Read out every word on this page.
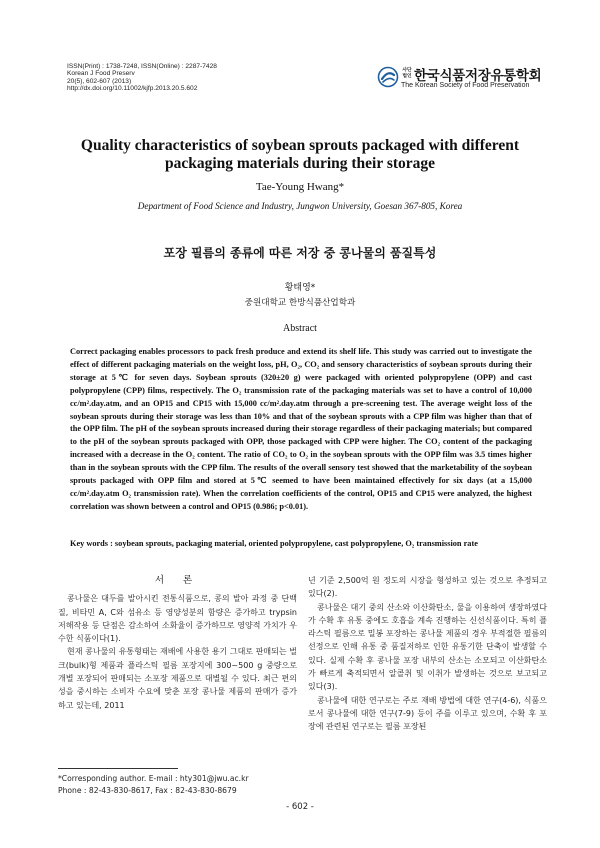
ISSN(Print) : 1738-7248, ISSN(Online) : 2287-7428
Korean J Food Preserv
20(5), 602-607 (2013)
http://dx.doi.org/10.11002/kjfp.2013.20.5.602
사단
법인 한국식품저장유통학회
The Korean Society of Food Preservation
Quality characteristics of soybean sprouts packaged with different
packaging materials during their storage
Tae-Young Hwang*
Department of Food Science and Industry, Jungwon University, Goesan 367-805, Korea
포장 필름의 종류에 따른 저장 중 콩나물의 품질특성
황태영*
중원대학교 한방식품산업학과
Abstract

Correct packaging enables processors to pack fresh produce and extend its shelf life. This study was carried out to investigate the effect of different packaging materials on the weight loss, pH, O₂, CO₂ and sensory characteristics of soybean sprouts during their storage at 5℃ for seven days. Soybean sprouts (320±20 g) were packaged with oriented polypropylene (OPP) and cast polypropylene (CPP) films, respectively. The O₂ transmission rate of the packaging materials was set to have a control of 10,000 cc/m².day.atm, and an OP15 and CP15 with 15,000 cc/m².day.atm through a pre-screening test. The average weight loss of the soybean sprouts during their storage was less than 10% and that of the soybean sprouts with a CPP film was higher than that of the OPP film. The pH of the soybean sprouts increased during their storage regardless of their packaging materials; but compared to the pH of the soybean sprouts packaged with OPP, those packaged with CPP were higher. The CO₂ content of the packaging increased with a decrease in the O₂ content. The ratio of CO₂ to O₂ in the soybean sprouts with the OPP film was 3.5 times higher than in the soybean sprouts with the CPP film. The results of the overall sensory test showed that the marketability of the soybean sprouts packaged with OPP film and stored at 5℃ seemed to have been maintained effectively for six days (at a 15,000 cc/m².day.atm O₂ transmission rate). When the correlation coefficients of the control, OP15 and CP15 were analyzed, the highest correlation was shown between a control and OP15 (0.986; p<0.01).

Key words : soybean sprouts, packaging material, oriented polypropylene, cast polypropylene, O₂ transmission rate
서 론

콩나물은 대두를 발아시킨 전통식품으로, 콩의 발아 과정 중 단백질, 비타민 A, C와 섬유소 등 영양성분의 함량은 증가하고 trypsin 저해작용 등 단점은 감소하여 소화율이 증가하므로 영양적 가치가 우수한 식품이다(1).

현재 콩나물의 유통형태는 재배에 사용한 용기 그대로 판매되는 벌크(bulk)형 제품과 플라스틱 필름 포장지에 300~500 g 중량으로 개별 포장되어 판매되는 소포장 제품으로 대별될 수 있다. 최근 편의성을 중시하는 소비자 수요에 맞춘 포장 콩나물 제품의 판매가 증가하고 있는데, 2011

년 기준 2,500억 원 정도의 시장을 형성하고 있는 것으로 추정되고 있다(2).

콩나물은 대기 중의 산소와 이산화탄소, 물을 이용하여 생장하였다가 수확 후 유통 중에도 호흡을 계속 진행하는 신선식품이다. 특히 플라스틱 필름으로 밀봉 포장하는 콩나물 제품의 경우 부적절한 필름의 선정으로 인해 유통 중 품질저하로 인한 유통기한 단축이 발생할 수 있다. 실제 수확 후 콩나물 포장 내부의 산소는 소모되고 이산화탄소가 빠르게 축적되면서 알콜취 및 이취가 발생하는 것으로 보고되고 있다(3).

콩나물에 대한 연구로는 주로 재배 방법에 대한 연구(4-6), 식품으로서 콩나물에 대한 연구(7-9) 등이 주를 이루고 있으며, 수확 후 포장에 관련된 연구로는 필름 포장된

*Corresponding author. E-mail : hty301@jwu.ac.kr
Phone : 82-43-830-8617, Fax : 82-43-830-8679
- 602 -
